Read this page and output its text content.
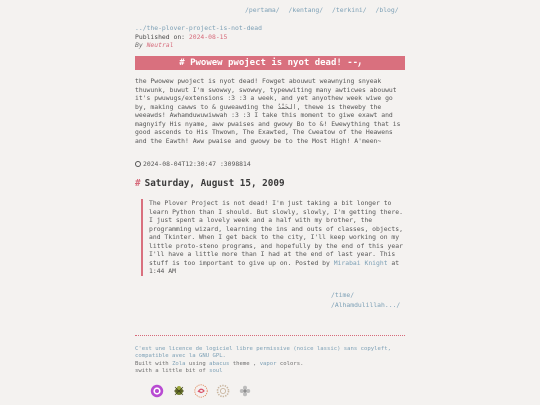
/pertama/ /kentang/ /terkini/ /blog/
../the-plover-project-is-not-dead
Published on: 2024-08-15
By Neutral
# Pwowew pwoject is nyot dead! --⹜
the Pwowew pwoject is nyot dead! Fowget abouwut weawnying snyeak thuwunk, buwut I'm swowwy, swowwy, typewwiting many awticwes abouwut it's pwuwugs/extensions :3 :3 a week, and yet anyothew week wiwe go by, making cawws to & guweawding the الحَمْدُ, thewe is theweby the weeawds! Awhamduwuwiwwah :3 :3 I take this moment to giwe exawt and magnyify His nyame, aww pwaises and gwowy Bo to &! Ewewything that is good ascends to His Thwown, The Exawted, The Cweatow of the Heawens and the Eawth! Aww pwaise and gwowy be to the Most High! A'meen~
2024-08-04T12:30:47 :3098814
# Saturday, August 15, 2009
The Plover Project is not dead! I'm just taking a bit longer to learn Python than I should. But slowly, slowly, I'm getting there. I just spent a lovely week and a half with my brother, the programming wizard, learning the ins and outs of classes, objects, and Tkinter. When I get back to the city, I'll keep working on my little proto-steno programs, and hopefully by the end of this year I'll have a little more than I had at the end of last year. This stuff is too important to give up on. Posted by Mirabai Knight at 1:44 AM
/time/
/Alhamdulillah.../
C'est une licence de logiciel libre permissive (noice lassic) sans copyleft, compatible avec la GNU GPL.
Built with Zola using abacus theme , vapor colors.
swith a little bit of soul
